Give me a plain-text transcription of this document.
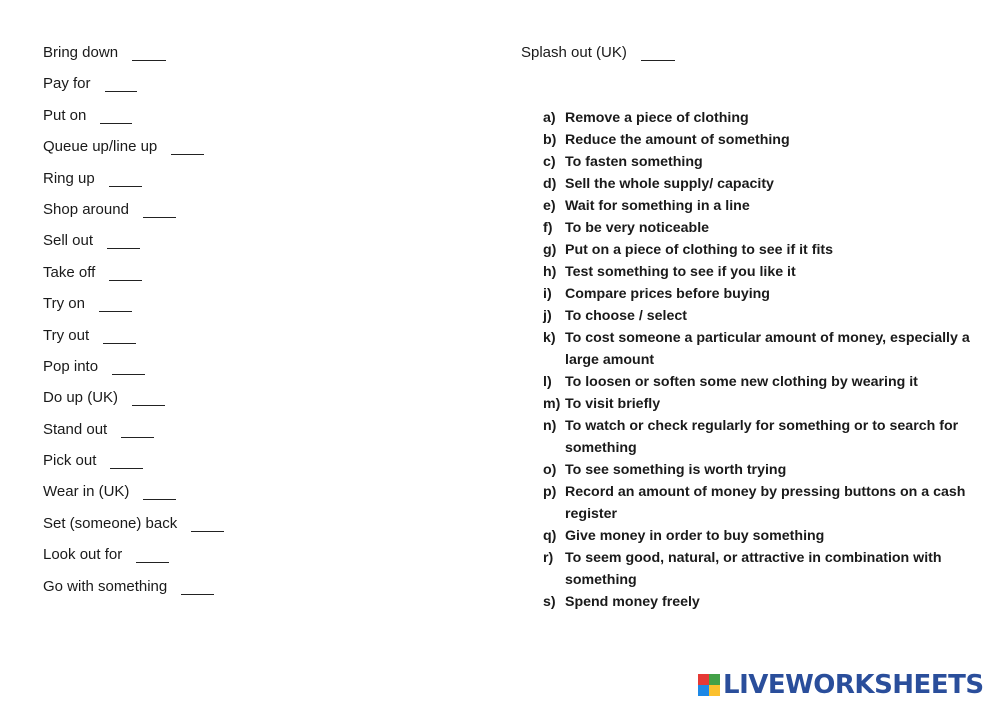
Bring down
Pay for
Put on
Queue up/line up
Ring up
Shop around
Sell out
Take off
Try on
Try out
Pop into
Do up (UK)
Stand out
Pick out
Wear in (UK)
Set (someone) back
Look out for
Go with something
Splash out (UK)
a) Remove a piece of clothing
b) Reduce the amount of something
c) To fasten something
d) Sell the whole supply/ capacity
e) Wait for something in a line
f) To be very noticeable
g) Put on a piece of clothing to see if it fits
h) Test something to see if you like it
i) Compare prices before buying
j) To choose / select
k) To cost someone a particular amount of money, especially a large amount
l) To loosen or soften some new clothing by wearing it
m) To visit briefly
n) To watch or check regularly for something or to search for something
o) To see something is worth trying
p) Record an amount of money by pressing buttons on a cash register
q) Give money in order to buy something
r) To seem good, natural, or attractive in combination with something
s) Spend money freely
LIVEWORKSHEETS
